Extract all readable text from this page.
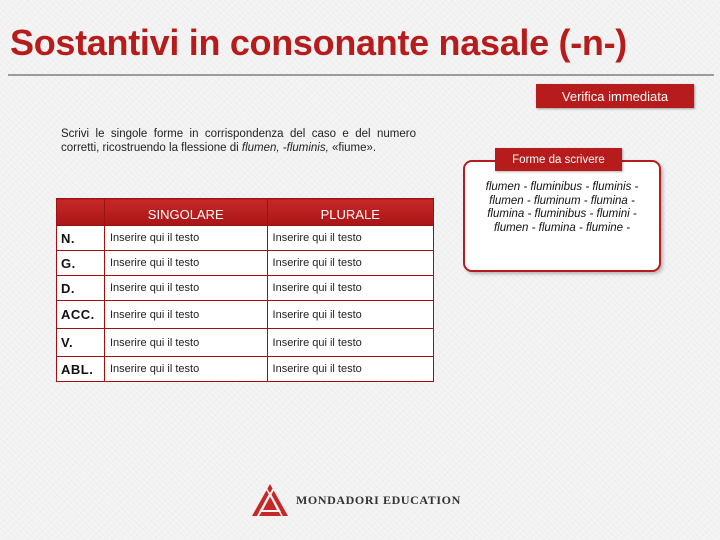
Sostantivi in consonante nasale (-n-)
Verifica immediata
Scrivi le singole forme in corrispondenza del caso e del numero corretti, ricostruendo la flessione di flumen, -fluminis, «fiume».
	SINGOLARE	PLURALE
N.	Inserire qui il testo	Inserire qui il testo
G.	Inserire qui il testo	Inserire qui il testo
D.	Inserire qui il testo	Inserire qui il testo
ACC.	Inserire qui il testo	Inserire qui il testo
V.	Inserire qui il testo	Inserire qui il testo
ABL.	Inserire qui il testo	Inserire qui il testo
Forme da scrivere
flumen - fluminibus - fluminis - flumen - fluminum - flumina - flumina - fluminibus - flumini - flumen - flumina - flumine -
MONDADORI EDUCATION
